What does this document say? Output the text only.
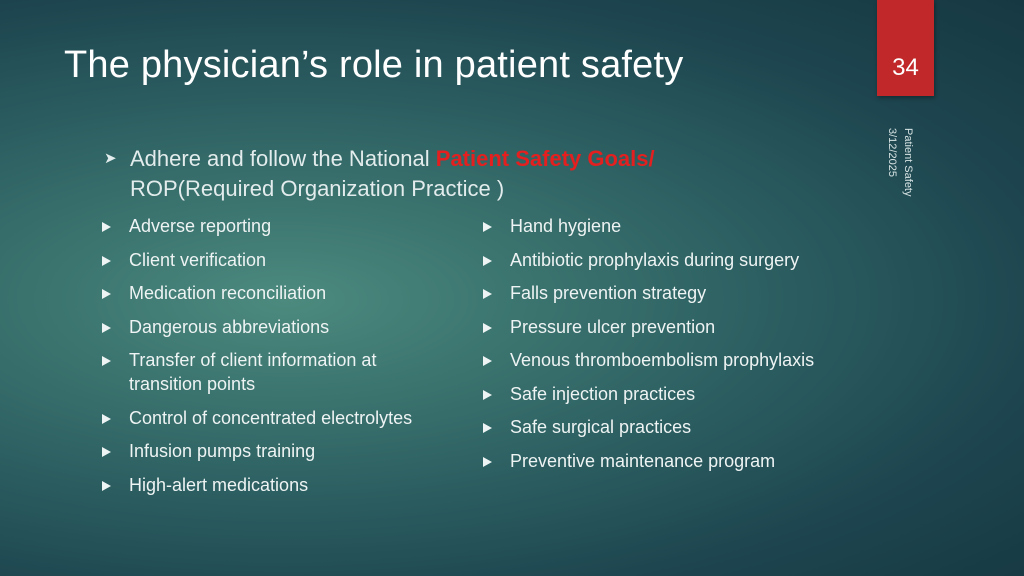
The physician’s role in patient safety	34
3/12/2025 Patient Safety
➤ Adhere and follow the National Patient Safety Goals/
ROP(Required Organization Practice )
Adverse reporting
Client verification
Medication reconciliation
Dangerous abbreviations
Transfer of client information at transition points
Control of concentrated electrolytes
Infusion pumps training
High-alert medications
Hand hygiene
Antibiotic prophylaxis during surgery
Falls prevention strategy
Pressure ulcer prevention
Venous thromboembolism prophylaxis
Safe injection practices
Safe surgical practices
Preventive maintenance program
